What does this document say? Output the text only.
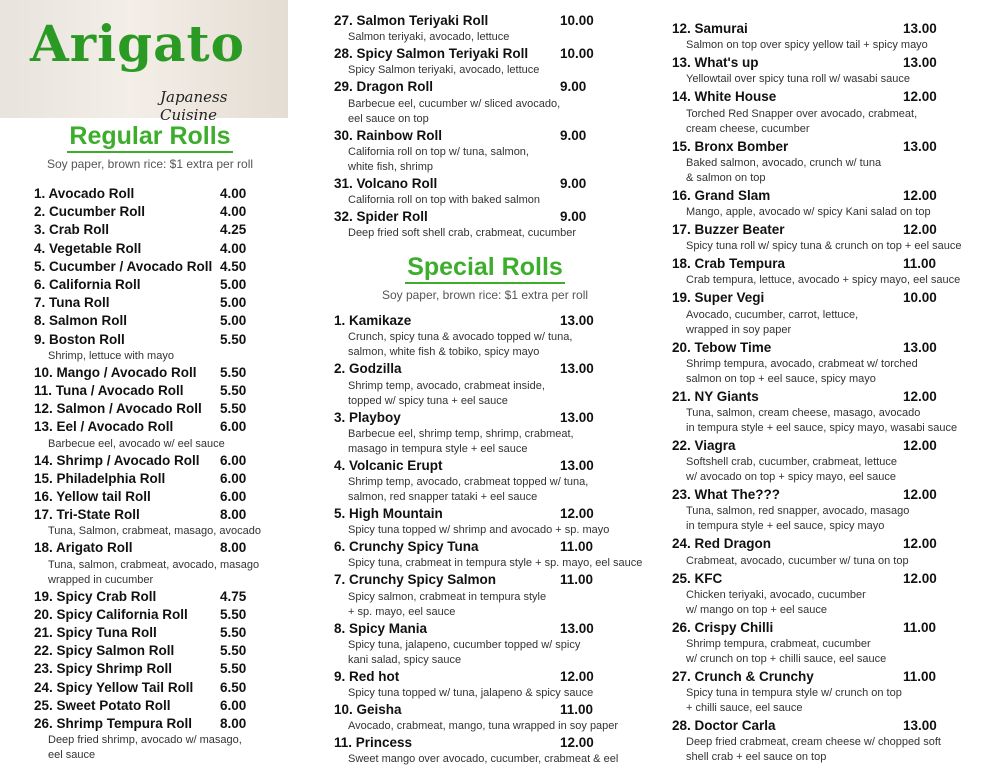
Arigato
Japaness Cuisine
Regular Rolls
Soy paper, brown rice: $1 extra per roll
1. Avocado Roll	4.00
2. Cucumber Roll	4.00
3. Crab Roll	4.25
4. Vegetable Roll	4.00
5. Cucumber / Avocado Roll 4.50
6. California Roll	5.00
7. Tuna Roll	5.00
8. Salmon Roll	5.00
9. Boston Roll	5.50
Shrimp, lettuce with mayo
10. Mango / Avocado Roll	5.50
11. Tuna / Avocado Roll	5.50
12. Salmon / Avocado Roll	5.50
13. Eel / Avocado Roll	6.00
Barbecue eel, avocado w/ eel sauce
14. Shrimp / Avocado Roll	6.00
15. Philadelphia Roll	6.00
16. Yellow tail Roll	6.00
17. Tri-State Roll	8.00
Tuna, Salmon, crabmeat, masago, avocado
18. Arigato Roll	8.00
Tuna, salmon, crabmeat, avocado, masago
wrapped in cucumber
19. Spicy Crab Roll	4.75
20. Spicy California Roll	5.50
21. Spicy Tuna Roll	5.50
22. Spicy Salmon Roll	5.50
23. Spicy Shrimp Roll	5.50
24. Spicy Yellow Tail Roll	6.50
25. Sweet Potato Roll	6.00
26. Shrimp Tempura Roll	8.00
Deep fried shrimp, avocado w/ masago,
eel sauce
27. Salmon Teriyaki Roll	10.00
Salmon teriyaki, avocado, lettuce
28. Spicy Salmon Teriyaki Roll	10.00
Spicy Salmon teriyaki, avocado, lettuce
29. Dragon Roll	9.00
Barbecue eel, cucumber w/ sliced avocado,
eel sauce on top
30. Rainbow Roll	9.00
California roll on top w/ tuna, salmon,
white fish, shrimp
31. Volcano Roll	9.00
California roll on top with baked salmon
32. Spider Roll	9.00
Deep fried soft shell crab, crabmeat, cucumber
Special Rolls
Soy paper, brown rice: $1 extra per roll
1. Kamikaze	13.00
Crunch, spicy tuna & avocado topped w/ tuna,
salmon, white fish & tobiko, spicy mayo
2. Godzilla	13.00
Shrimp temp, avocado, crabmeat inside,
topped w/ spicy tuna + eel sauce
3. Playboy	13.00
Barbecue eel, shrimp temp, shrimp, crabmeat,
masago in tempura style + eel sauce
4. Volcanic Erupt	13.00
Shrimp temp, avocado, crabmeat topped w/ tuna,
salmon, red snapper tataki + eel sauce
5. High Mountain	12.00
Spicy tuna topped w/ shrimp and avocado + sp. mayo
6. Crunchy Spicy Tuna	11.00
Spicy tuna, crabmeat in tempura style + sp. mayo, eel sauce
7. Crunchy Spicy Salmon	11.00
Spicy salmon, crabmeat in tempura style
+ sp. mayo, eel sauce
8. Spicy Mania	13.00
Spicy tuna, jalapeno, cucumber topped w/ spicy
kani salad, spicy sauce
9. Red hot	12.00
Spicy tuna topped w/ tuna, jalapeno & spicy sauce
10. Geisha	11.00
Avocado, crabmeat, mango, tuna wrapped in soy paper
11. Princess	12.00
Sweet mango over avocado, cucumber, crabmeat & eel
12. Samurai	13.00
Salmon on top over spicy yellow tail + spicy mayo
13. What's up	13.00
Yellowtail over spicy tuna roll w/ wasabi sauce
14. White House	12.00
Torched Red Snapper over avocado, crabmeat,
cream cheese, cucumber
15. Bronx Bomber	13.00
Baked salmon, avocado, crunch w/ tuna
& salmon on top
16. Grand Slam	12.00
Mango, apple, avocado w/ spicy Kani salad on top
17. Buzzer Beater	12.00
Spicy tuna roll w/ spicy tuna & crunch on top + eel sauce
18. Crab Tempura	11.00
Crab tempura, lettuce, avocado + spicy mayo, eel sauce
19. Super Vegi	10.00
Avocado, cucumber, carrot, lettuce,
wrapped in soy paper
20. Tebow Time	13.00
Shrimp tempura, avocado, crabmeat w/ torched
salmon on top + eel sauce, spicy mayo
21. NY Giants	12.00
Tuna, salmon, cream cheese, masago, avocado
in tempura style + eel sauce, spicy mayo, wasabi sauce
22. Viagra	12.00
Softshell crab, cucumber, crabmeat, lettuce
w/ avocado on top + spicy mayo, eel sauce
23. What The???	12.00
Tuna, salmon, red snapper, avocado, masago
in tempura style + eel sauce, spicy mayo
24. Red Dragon	12.00
Crabmeat, avocado, cucumber w/ tuna on top
25. KFC	12.00
Chicken teriyaki, avocado, cucumber
w/ mango on top + eel sauce
26. Crispy Chilli	11.00
Shrimp tempura, crabmeat, cucumber
w/ crunch on top + chilli sauce, eel sauce
27. Crunch & Crunchy	11.00
Spicy tuna in tempura style w/ crunch on top
+ chilli sauce, eel sauce
28. Doctor Carla	13.00
Deep fried crabmeat, cream cheese w/ chopped soft
shell crab + eel sauce on top
